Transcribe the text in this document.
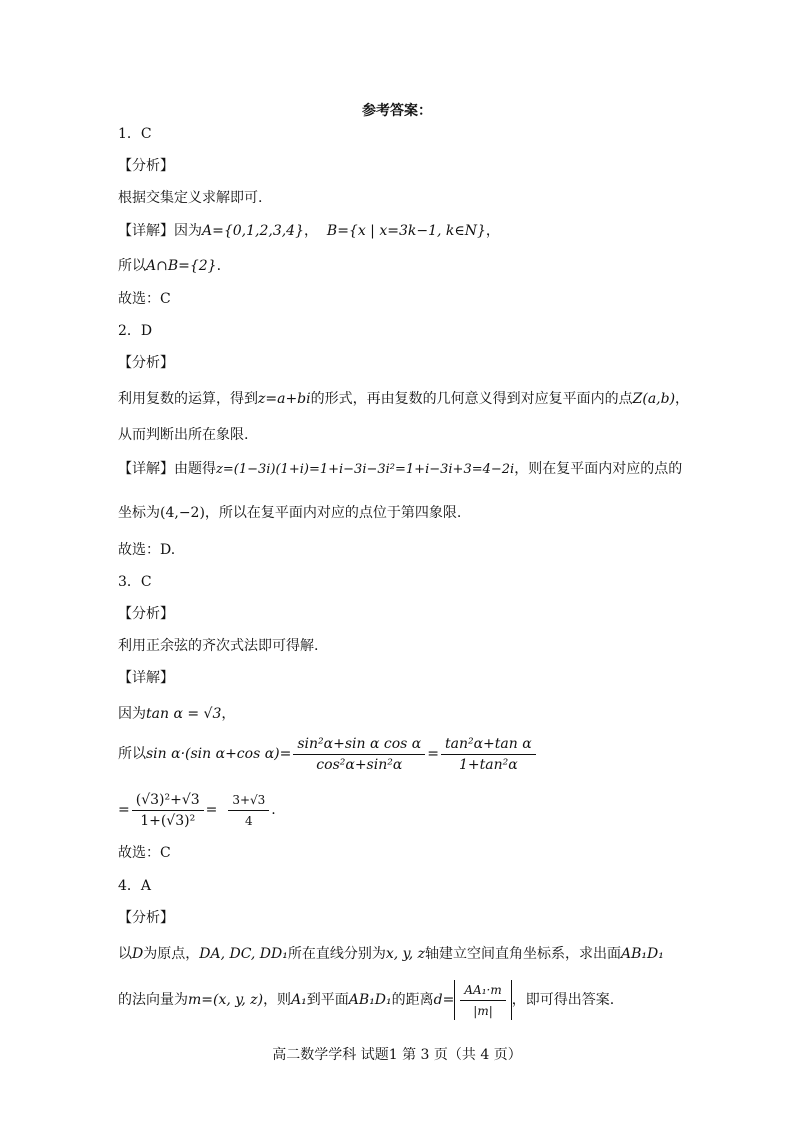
参考答案：
1．C
【分析】
根据交集定义求解即可.
【详解】因为A={0,1,2,3,4}， B={x | x=3k−1, k∈N}，
所以A∩B={2}.
故选：C
2．D
【分析】
利用复数的运算，得到z=a+bi的形式，再由复数的几何意义得到对应复平面内的点Z(a,b)，
从而判断出所在象限.
【详解】由题得z=(1−3i)(1+i)=1+i−3i−3i²=1+i−3i+3=4−2i，则在复平面内对应的点的
坐标为(4,−2)，所以在复平面内对应的点位于第四象限.
故选：D.
3．C
【分析】
利用正余弦的齐次式法即可得解.
【详解】
因为tan α = √3，
所以sin α·(sin α+cos $\alpha)= \frac{\text{sin²α+sin α cos α}}{\text{cos²α+sin²α}} = \frac{\text{tan²α+tan α}}{\text{1+tan²α}}$
= $\frac{\text{(√3)²+√3}}{\text{1+(√3)²}} = \frac{3+√3}{4}$ .
故选：C
4．A
【分析】
以D为原点，DA, DC, DD₁所在直线分别为x, y, z轴建立空间直角坐标系，求出面AB₁D₁
的法向量为m=(x, y, z)，则A₁到平面AB₁D₁的距离$d= \frac{\text{AA₁·m}}{|m|}$ ，即可得出答案.
高二数学学科 试题1 第 3 页（共 4 页）
